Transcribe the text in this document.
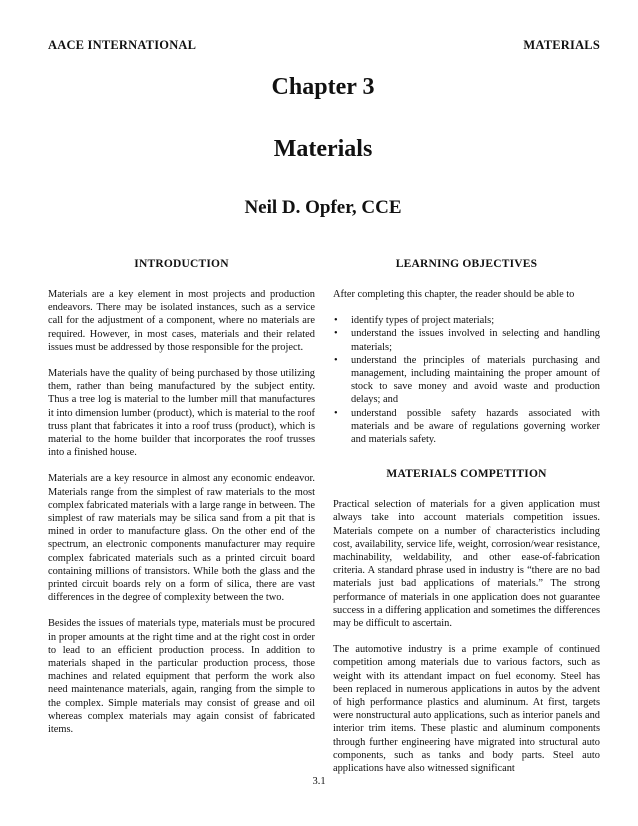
AACE INTERNATIONAL	MATERIALS
Chapter 3
Materials
Neil D. Opfer, CCE
INTRODUCTION

Materials are a key element in most projects and production endeavors. There may be isolated instances, such as a service call for the adjustment of a component, where no materials are required. However, in most cases, materials and their related issues must be addressed by those responsible for the project.

Materials have the quality of being purchased by those utilizing them, rather than being manufactured by the subject entity. Thus a tree log is material to the lumber mill that manufactures it into dimension lumber (product), which is material to the roof truss plant that fabricates it into a roof truss (product), which is material to the home builder that incorporates the roof trusses into a finished house.

Materials are a key resource in almost any economic endeavor. Materials range from the simplest of raw materials to the most complex fabricated materials with a large range in between. The simplest of raw materials may be silica sand from a pit that is mined in order to manufacture glass. On the other end of the spectrum, an electronic components manufacturer may require complex fabricated materials such as a printed circuit board containing millions of transistors. While both the glass and the printed circuit boards rely on a form of silica, there are vast differences in the degree of complexity between the two.

Besides the issues of materials type, materials must be procured in proper amounts at the right time and at the right cost in order to lead to an efficient production process. In addition to materials shaped in the particular production process, those machines and related equipment that perform the work also need maintenance materials, again, ranging from the simple to the complex. Simple materials may consist of grease and oil whereas complex materials may again consist of fabricated items.

LEARNING OBJECTIVES

After completing this chapter, the reader should be able to

• identify types of project materials;
• understand the issues involved in selecting and handling materials;
• understand the principles of materials purchasing and management, including maintaining the proper amount of stock to save money and avoid waste and production delays; and
• understand possible safety hazards associated with materials and be aware of regulations governing worker and materials safety.
MATERIALS COMPETITION

Practical selection of materials for a given application must always take into account materials competition issues. Materials compete on a number of characteristics including cost, availability, service life, weight, corrosion/wear resistance, machinability, weldability, and other ease-of-fabrication criteria. A standard phrase used in industry is “there are no bad materials just bad applications of materials.” The strong performance of materials in one application does not guarantee success in a differing application and sometimes the differences may be difficult to ascertain.

The automotive industry is a prime example of continued competition among materials due to various factors, such as weight with its attendant impact on fuel economy. Steel has been replaced in numerous applications in autos by the advent of high performance plastics and aluminum. At first, targets were nonstructural auto applications, such as interior panels and interior trim items. These plastic and aluminum components through further engineering have migrated into structural auto components, such as tanks and body parts. Steel auto applications have also witnessed significant

3.1
